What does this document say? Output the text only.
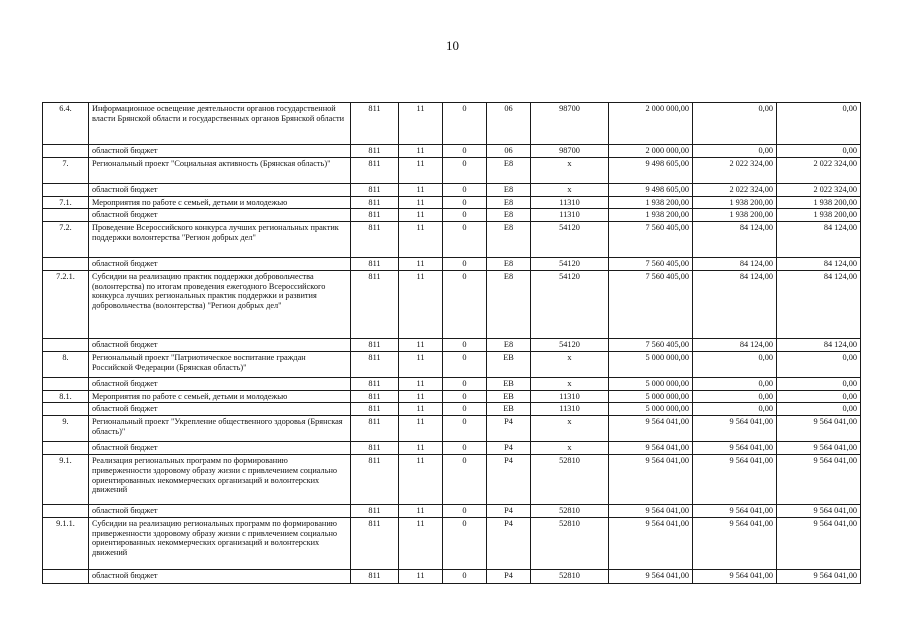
10
6.4.	Информационное освещение деятельности органов государственной власти Брянской области и государственных органов Брянской области	811	11	0	06	98700	2 000 000,00	0,00	0,00
	областной бюджет	811	11	0	06	98700	2 000 000,00	0,00	0,00
7.	Региональный проект "Социальная активность (Брянская область)"	811	11	0	E8	x	9 498 605,00	2 022 324,00	2 022 324,00
	областной бюджет	811	11	0	E8	x	9 498 605,00	2 022 324,00	2 022 324,00
7.1.	Мероприятия по работе с семьей, детьми и молодежью	811	11	0	E8	11310	1 938 200,00	1 938 200,00	1 938 200,00
	областной бюджет	811	11	0	E8	11310	1 938 200,00	1 938 200,00	1 938 200,00
7.2.	Проведение Всероссийского конкурса лучших региональных практик поддержки волонтерства "Регион добрых дел"	811	11	0	E8	54120	7 560 405,00	84 124,00	84 124,00
	областной бюджет	811	11	0	E8	54120	7 560 405,00	84 124,00	84 124,00
7.2.1.	Субсидии на реализацию практик поддержки добровольчества (волонтерства) по итогам проведения ежегодного Всероссийского конкурса лучших региональных практик поддержки и развития добровольчества (волонтерства) "Регион добрых дел"	811	11	0	E8	54120	7 560 405,00	84 124,00	84 124,00
	областной бюджет	811	11	0	E8	54120	7 560 405,00	84 124,00	84 124,00
8.	Региональный проект "Патриотическое воспитание граждан Российской Федерации (Брянская область)"	811	11	0	EB	x	5 000 000,00	0,00	0,00
	областной бюджет	811	11	0	EB	x	5 000 000,00	0,00	0,00
8.1.	Мероприятия по работе с семьей, детьми и молодежью	811	11	0	EB	11310	5 000 000,00	0,00	0,00
	областной бюджет	811	11	0	EB	11310	5 000 000,00	0,00	0,00
9.	Региональный проект "Укрепление общественного здоровья (Брянская область)"	811	11	0	P4	x	9 564 041,00	9 564 041,00	9 564 041,00
	областной бюджет	811	11	0	P4	x	9 564 041,00	9 564 041,00	9 564 041,00
9.1.	Реализация региональных программ по формированию приверженности здоровому образу жизни с привлечением социально ориентированных некоммерческих организаций и волонтерских движений	811	11	0	P4	52810	9 564 041,00	9 564 041,00	9 564 041,00
	областной бюджет	811	11	0	P4	52810	9 564 041,00	9 564 041,00	9 564 041,00
9.1.1.	Субсидии на реализацию региональных программ по формированию приверженности здоровому образу жизни с привлечением социально ориентированных некоммерческих организаций и волонтерских движений	811	11	0	P4	52810	9 564 041,00	9 564 041,00	9 564 041,00
	областной бюджет	811	11	0	P4	52810	9 564 041,00	9 564 041,00	9 564 041,00
